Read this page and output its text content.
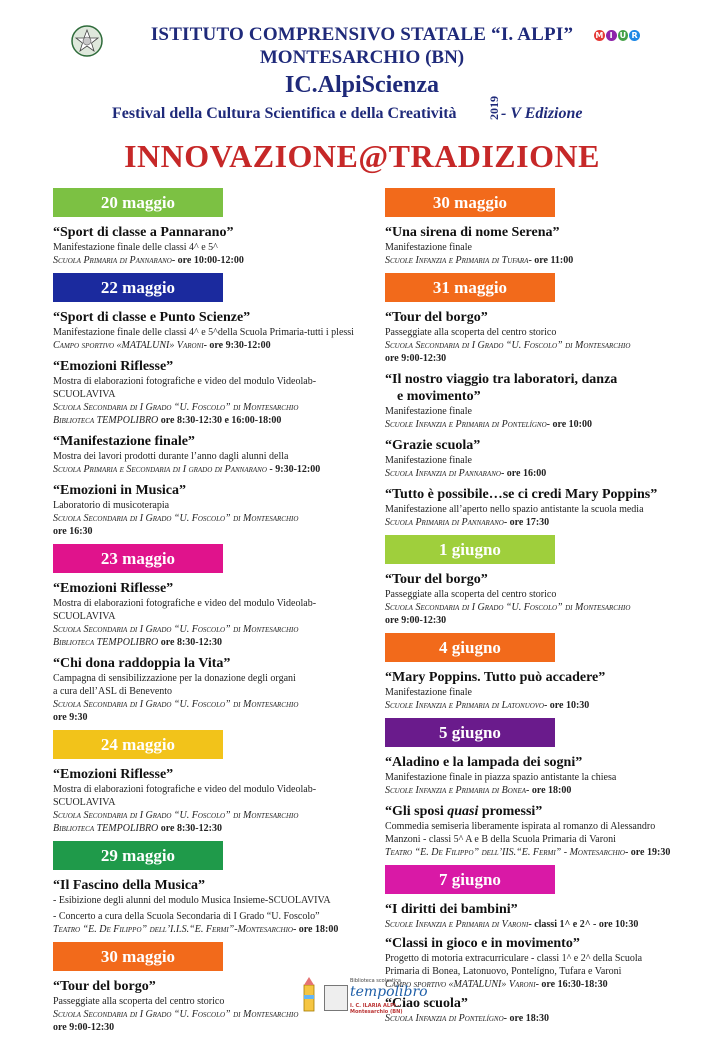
M I U R
ISTITUTO COMPRENSIVO STATALE “I. ALPI”
MONTESARCHIO (BN)
IC.AlpiScienza
Festival della Cultura Scientifica e della Creatività	2019 - V Edizione
INNOVAZIONE@TRADIZIONE
20 maggio
“Sport di classe a Pannarano”
Manifestazione finale delle classi 4^ e 5^
Scuola Primaria di Pannarano- ore 10:00-12:00
22 maggio
“Sport di classe e Punto Scienze”
Manifestazione finale delle classi 4^ e 5^della Scuola Primaria-tutti i plessi
Campo sportivo «MATALUNI» Varoni- ore 9:30-12:00
“Emozioni Riflesse”
Mostra di elaborazioni fotografiche e video del modulo Videolab-
SCUOLAVIVA
Scuola Secondaria di I Grado “U. Foscolo” di Montesarchio
Biblioteca TEMPOLIBRO ore 8:30-12:30 e 16:00-18:00
“Manifestazione finale”
Mostra dei lavori prodotti durante l’anno dagli alunni della
Scuola Primaria e Secondaria di I grado di Pannarano - 9:30-12:00
“Emozioni in Musica”
Laboratorio di musicoterapia
Scuola Secondaria di I Grado “U. Foscolo” di Montesarchio
ore 16:30
23 maggio
“Emozioni Riflesse”
Mostra di elaborazioni fotografiche e video del modulo Videolab-
SCUOLAVIVA
Scuola Secondaria di I Grado “U. Foscolo” di Montesarchio
Biblioteca TEMPOLIBRO ore 8:30-12:30
“Chi dona raddoppia la Vita”
Campagna di sensibilizzazione per la donazione degli organi
a cura dell’ASL di Benevento
Scuola Secondaria di I Grado “U. Foscolo” di Montesarchio
ore 9:30
24 maggio
“Emozioni Riflesse”
Mostra di elaborazioni fotografiche e video del modulo Videolab-
SCUOLAVIVA
Scuola Secondaria di I Grado “U. Foscolo” di Montesarchio
Biblioteca TEMPOLIBRO ore 8:30-12:30
29 maggio
“Il Fascino della Musica”
- Esibizione degli alunni del modulo Musica Insieme-SCUOLAVIVA
- Concerto a cura della Scuola Secondaria di I Grado “U. Foscolo”
Teatro “E. De Filippo” dell’I.I.S.“E. Fermi”-Montesarchio- ore 18:00
30 maggio
“Tour del borgo”
Passeggiate alla scoperta del centro storico
Scuola Secondaria di I Grado “U. Foscolo” di Montesarchio
ore 9:00-12:30
30 maggio
“Una sirena di nome Serena”
Manifestazione finale
Scuole Infanzia e Primaria di Tufara- ore 11:00
31 maggio
“Tour del borgo”
Passeggiate alla scoperta del centro storico
Scuola Secondaria di I Grado “U. Foscolo” di Montesarchio
ore 9:00-12:30
“Il nostro viaggio tra laboratori, danza
e movimento”
Manifestazione finale
Scuole Infanzia e Primaria di Pontelígno- ore 10:00
“Grazie scuola”
Manifestazione finale
Scuola Infanzia di Pannarano- ore 16:00
“Tutto è possibile…se ci credi Mary Poppins”
Manifestazione all’aperto nello spazio antistante la scuola media
Scuola Primaria di Pannarano- ore 17:30
1 giugno
“Tour del borgo”
Passeggiate alla scoperta del centro storico
Scuola Secondaria di I Grado “U. Foscolo” di Montesarchio
ore 9:00-12:30
4 giugno
“Mary Poppins. Tutto può accadere”
Manifestazione finale
Scuole Infanzia e Primaria di Latonuovo- ore 10:30
5 giugno
“Aladino e la lampada dei sogni”
Manifestazione finale in piazza spazio antistante la chiesa
Scuole Infanzia e Primaria di Bonea- ore 18:00
“Gli sposi quasi promessi”
Commedia semiseria liberamente ispirata al romanzo di Alessandro
Manzoni - classi 5^ A e B della Scuola Primaria di Varoni
Teatro “E. De Filippo” dell’IIS.“E. Fermi” - Montesarchio- ore 19:30
7 giugno
“I diritti dei bambini”
Scuole Infanzia e Primaria di Varoni- classi 1^ e 2^ - ore 10:30
“Classi in gioco e in movimento”
Progetto di motoria extracurriculare - classi 1^ e 2^ della Scuola
Primaria di Bonea, Latonuovo, Pontelígno, Tufara e Varoni
Campo sportivo «MATALUNI» Varoni- ore 16:30-18:30
“Ciao scuola”
Scuola Infanzia di Pontelígno- ore 18:30
Biblioteca scolastica
tempolibro
I. C. ILARIA ALPI - Montesarchio (BN)
